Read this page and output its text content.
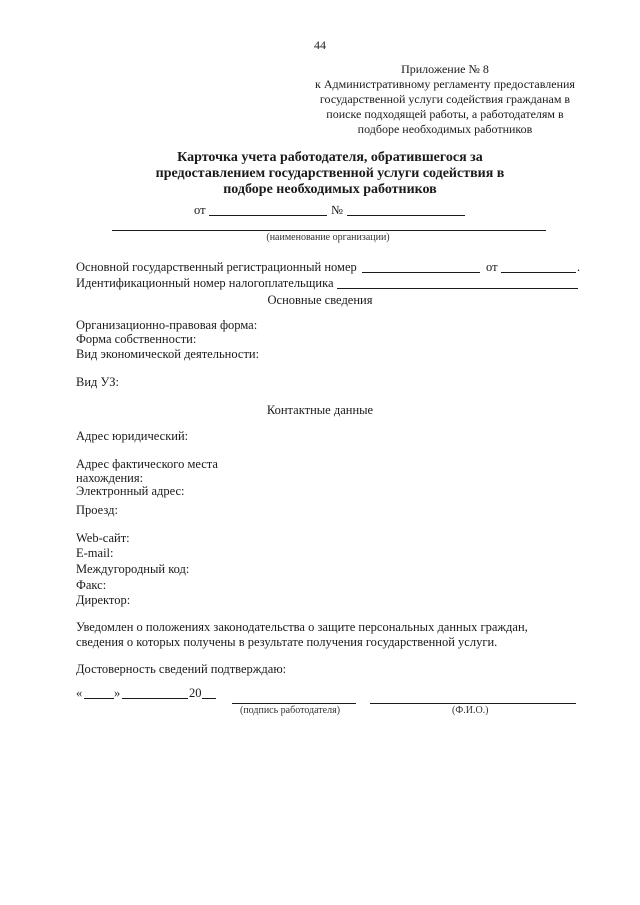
44
Приложение № 8
к Административному регламенту предоставления
государственной услуги содействия гражданам в
поиске подходящей работы, а работодателям в
подборе необходимых работников
Карточка учета работодателя, обратившегося за
предоставлением государственной услуги содействия в
подборе необходимых работников
от	№
(наименование организации)
Основной государственный регистрационный номер	от	.
Идентификационный номер налогоплательщика
Основные сведения
Организационно-правовая форма:
Форма собственности:
Вид экономической деятельности:
Вид УЗ:
Контактные данные
Адрес юридический:
Адрес фактического места
нахождения:
Электронный адрес:
Проезд:
Web-сайт:
E-mail:
Междугородный код:
Факс:
Директор:
Уведомлен о положениях законодательства о защите персональных данных граждан,
сведения о которых получены в результате получения государственной услуги.
Достоверность сведений подтверждаю:
«	»	20
(подпись работодателя)	(Ф.И.О.)
